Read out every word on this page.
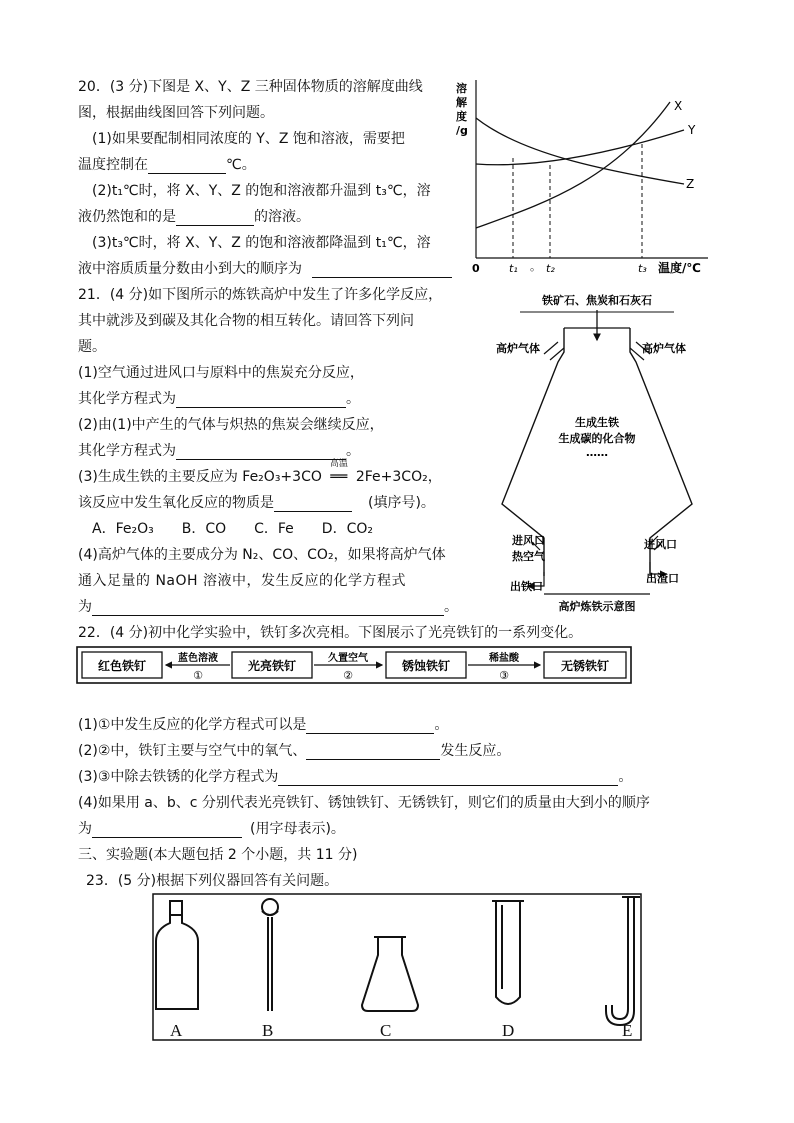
20．(3 分)下图是 X、Y、Z 三种固体物质的溶解度曲线
图，根据曲线图回答下列问题。
(1)如果要配制相同浓度的 Y、Z 饱和溶液，需要把
温度控制在	℃。
(2)t₁℃时，将 X、Y、Z 的饱和溶液都升温到 t₃℃，溶
液仍然饱和的是	的溶液。
(3)t₃℃时，将 X、Y、Z 的饱和溶液都降温到 t₁℃，溶
液中溶质质量分数由小到大的顺序为
溶
解
度
/g
X
Y
Z
0	t₁ 。 t₂	t₃ 温度/℃
21．(4 分)如下图所示的炼铁高炉中发生了许多化学反应，
其中就涉及到碳及其化合物的相互转化。请回答下列问
题。
(1)空气通过进风口与原料中的焦炭充分反应，
其化学方程式为	。
(2)由(1)中产生的气体与炽热的焦炭会继续反应，
其化学方程式为	。
(3)生成生铁的主要反应为 Fe₂O₃+3CO
高温
══ 2Fe+3CO₂，
该反应中发生氧化反应的物质是	(填序号)。
A．Fe₂O₃　　B．CO　　C．Fe　　D．CO₂
(4)高炉气体的主要成分为 N₂、CO、CO₂，如果将高炉气体
通入足量的 NaOH 溶液中，发生反应的化学方程式
为	。
铁矿石、焦炭和石灰石
高炉气体	高炉气体
生成生铁
生成碳的化合物
……
进风口
热空气
进风口
出铁口
出渣口
高炉炼铁示意图
22．(4 分)初中化学实验中，铁钉多次亮相。下图展示了光亮铁钉的一系列变化。
红色铁钉	光亮铁钉	锈蚀铁钉	无锈铁钉
蓝色溶液	久置空气	稀盐酸
①	②	③
(1)①中发生反应的化学方程式可以是	。
(2)②中，铁钉主要与空气中的氧气、	发生反应。
(3)③中除去铁锈的化学方程式为	。
(4)如果用 a、b、c 分别代表光亮铁钉、锈蚀铁钉、无锈铁钉，则它们的质量由大到小的顺序
为	(用字母表示)。
三、实验题(本大题包括 2 个小题，共 11 分)
23．(5 分)根据下列仪器回答有关问题。
A	B	C	D	E
